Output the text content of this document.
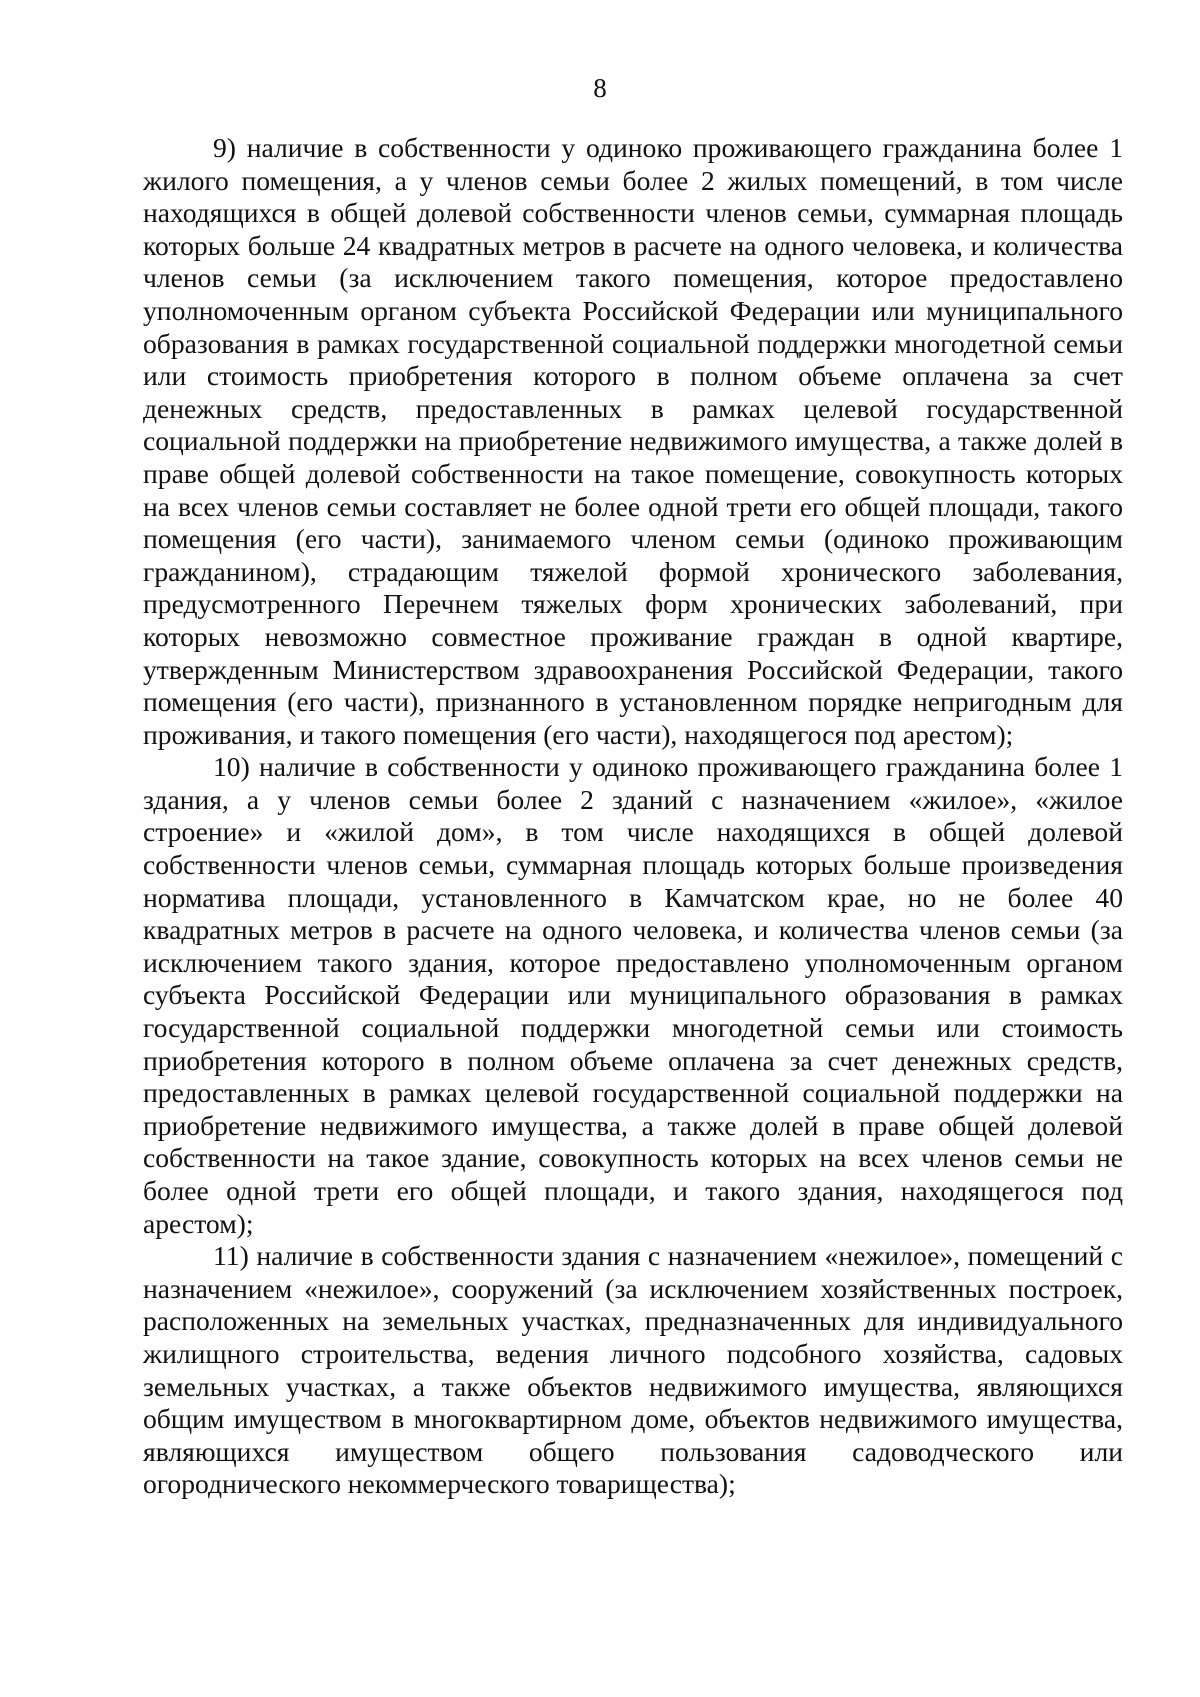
8

9) наличие в собственности у одиноко проживающего гражданина более 1 жилого помещения, а у членов семьи более 2 жилых помещений, в том числе находящихся в общей долевой собственности членов семьи, суммарная площадь которых больше 24 квадратных метров в расчете на одного человека, и количества членов семьи (за исключением такого помещения, которое предоставлено уполномоченным органом субъекта Российской Федерации или муниципального образования в рамках государственной социальной поддержки многодетной семьи или стоимость приобретения которого в полном объеме оплачена за счет денежных средств, предоставленных в рамках целевой государственной социальной поддержки на приобретение недвижимого имущества, а также долей в праве общей долевой собственности на такое помещение, совокупность которых на всех членов семьи составляет не более одной трети его общей площади, такого помещения (его части), занимаемого членом семьи (одиноко проживающим гражданином), страдающим тяжелой формой хронического заболевания, предусмотренного Перечнем тяжелых форм хронических заболеваний, при которых невозможно совместное проживание граждан в одной квартире, утвержденным Министерством здравоохранения Российской Федерации, такого помещения (его части), признанного в установленном порядке непригодным для проживания, и такого помещения (его части), находящегося под арестом);

10) наличие в собственности у одиноко проживающего гражданина более 1 здания, а у членов семьи более 2 зданий с назначением «жилое», «жилое строение» и «жилой дом», в том числе находящихся в общей долевой собственности членов семьи, суммарная площадь которых больше произведения норматива площади, установленного в Камчатском крае, но не более 40 квадратных метров в расчете на одного человека, и количества членов семьи (за исключением такого здания, которое предоставлено уполномоченным органом субъекта Российской Федерации или муниципального образования в рамках государственной социальной поддержки многодетной семьи или стоимость приобретения которого в полном объеме оплачена за счет денежных средств, предоставленных в рамках целевой государственной социальной поддержки на приобретение недвижимого имущества, а также долей в праве общей долевой собственности на такое здание, совокупность которых на всех членов семьи не более одной трети его общей площади, и такого здания, находящегося под арестом);

11) наличие в собственности здания с назначением «нежилое», помещений с назначением «нежилое», сооружений (за исключением хозяйственных построек, расположенных на земельных участках, предназначенных для индивидуального жилищного строительства, ведения личного подсобного хозяйства, садовых земельных участках, а также объектов недвижимого имущества, являющихся общим имуществом в многоквартирном доме, объектов недвижимого имущества, являющихся имуществом общего пользования садоводческого или огороднического некоммерческого товарищества);
